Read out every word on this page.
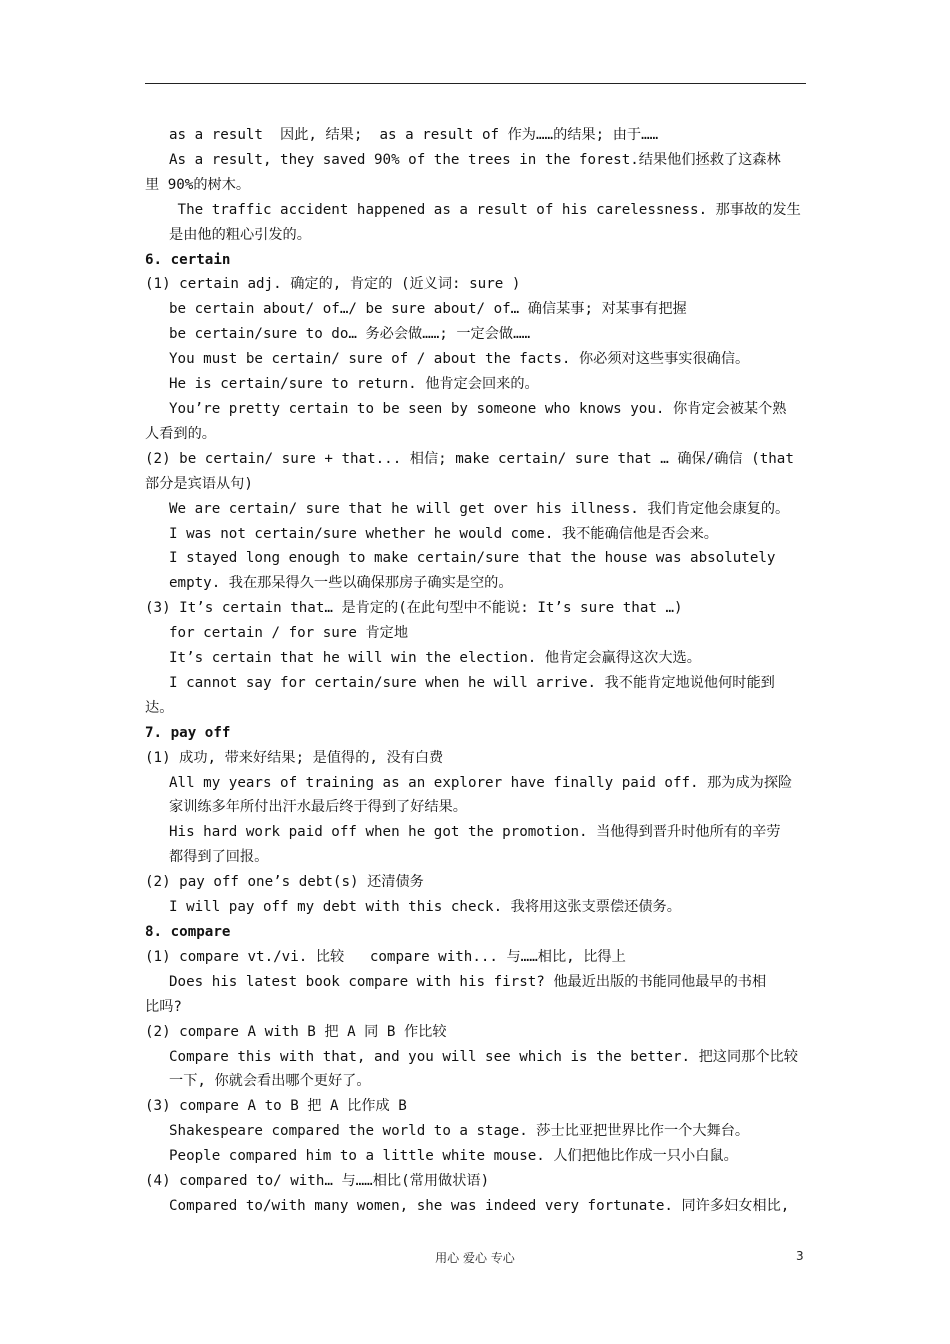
as a result  因此, 结果;  as a result of 作为……的结果; 由于……
As a result, they saved 90% of the trees in the forest.结果他们拯救了这森林
里 90%的树木。
The traffic accident happened as a result of his carelessness. 那事故的发生
是由他的粗心引发的。
6. certain
(1) certain adj. 确定的, 肯定的 (近义词: sure )
be certain about/ of…/ be sure about/ of… 确信某事; 对某事有把握
be certain/sure to do… 务必会做……; 一定会做……
You must be certain/ sure of / about the facts. 你必须对这些事实很确信。
He is certain/sure to return. 他肯定会回来的。
You’re pretty certain to be seen by someone who knows you. 你肯定会被某个熟
人看到的。
(2) be certain/ sure + that... 相信; make certain/ sure that … 确保/确信 (that
部分是宾语从句)
We are certain/ sure that he will get over his illness. 我们肯定他会康复的。
I was not certain/sure whether he would come. 我不能确信他是否会来。
I stayed long enough to make certain/sure that the house was absolutely
empty. 我在那呆得久一些以确保那房子确实是空的。
(3) It’s certain that… 是肯定的(在此句型中不能说: It’s sure that …)
for certain / for sure 肯定地
It’s certain that he will win the election. 他肯定会赢得这次大选。
I cannot say for certain/sure when he will arrive. 我不能肯定地说他何时能到
达。
7. pay off
(1) 成功, 带来好结果; 是值得的, 没有白费
All my years of training as an explorer have finally paid off. 那为成为探险
家训练多年所付出汗水最后终于得到了好结果。
His hard work paid off when he got the promotion. 当他得到晋升时他所有的辛劳
都得到了回报。
(2) pay off one’s debt(s) 还清债务
I will pay off my debt with this check. 我将用这张支票偿还债务。
8. compare
(1) compare vt./vi. 比较   compare with... 与……相比, 比得上
Does his latest book compare with his first? 他最近出版的书能同他最早的书相
比吗?
(2) compare A with B 把 A 同 B 作比较
Compare this with that, and you will see which is the better. 把这同那个比较
一下, 你就会看出哪个更好了。
(3) compare A to B 把 A 比作成 B
Shakespeare compared the world to a stage. 莎士比亚把世界比作一个大舞台。
People compared him to a little white mouse. 人们把他比作成一只小白鼠。
(4) compared to/ with… 与……相比(常用做状语)
Compared to/with many women, she was indeed very fortunate. 同许多妇女相比,
用心 爱心 专心	3
